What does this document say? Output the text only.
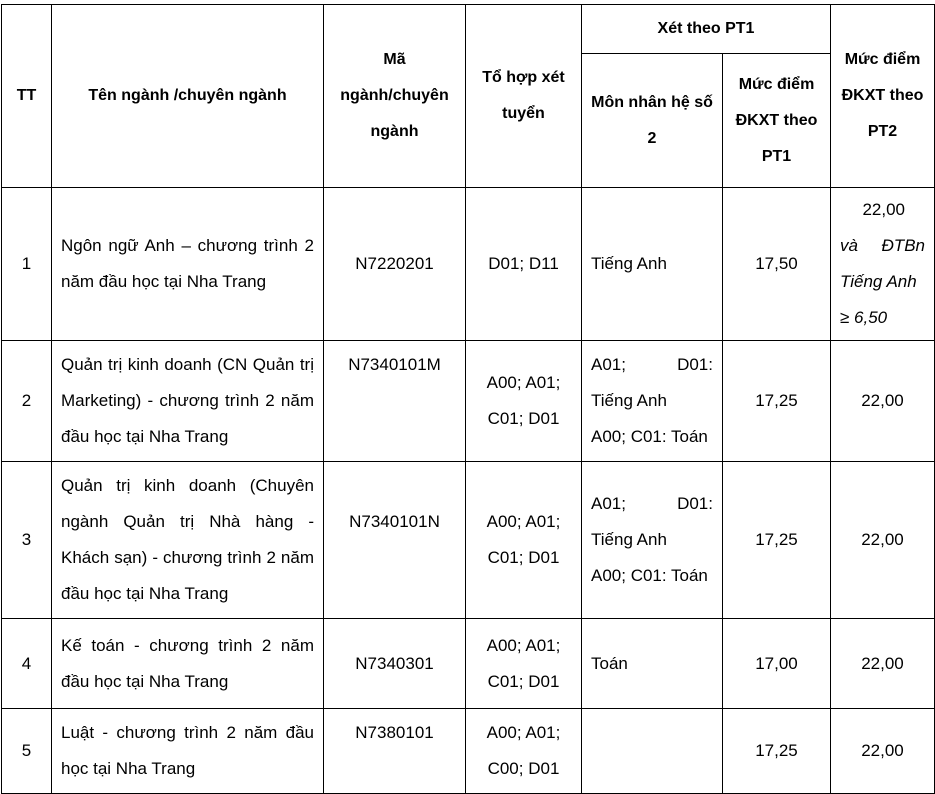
TT	Tên ngành /chuyên ngành	Mã ngành/chuyên ngành	Tổ hợp xét tuyển	Xét theo PT1		Mức điểm ĐKXT theo PT2
				Môn nhân hệ số 2	Mức điểm ĐKXT theo PT1	
1	Ngôn ngữ Anh – chương trình 2 năm đầu học tại Nha Trang	N7220201	D01; D11	Tiếng Anh	17,50	22,00
và ĐTBn
Tiếng Anh
≥ 6,50

2	Quản trị kinh doanh (CN Quản trị Marketing) - chương trình 2 năm đầu học tại Nha Trang	N7340101M	A00; A01; C01; D01	A01; D01:
Tiếng Anh
A00; C01: Toán	17,25	22,00
3	Quản trị kinh doanh (Chuyên ngành Quản trị Nhà hàng - Khách sạn) - chương trình 2 năm đầu học tại Nha Trang	N7340101N	A00; A01; C01; D01	A01; D01:
Tiếng Anh
A00; C01: Toán	17,25	22,00
4	Kế toán - chương trình 2 năm đầu học tại Nha Trang	N7340301	A00; A01; C01; D01	Toán	17,00	22,00
5	Luật - chương trình 2 năm đầu học tại Nha Trang	N7380101	A00; A01; C00; D01		17,25	22,00
